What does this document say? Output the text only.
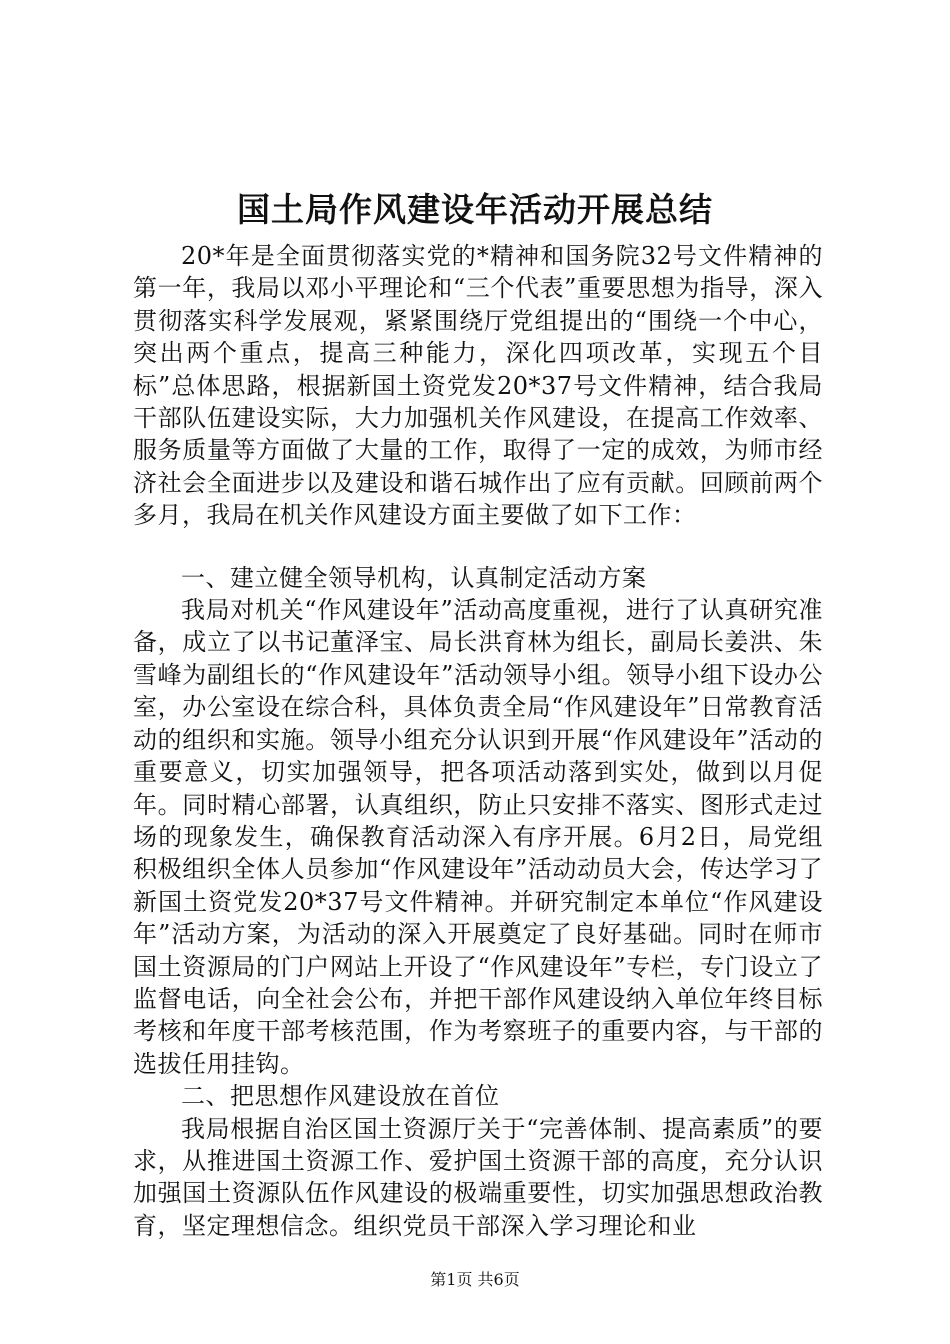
国土局作风建设年活动开展总结

20*年是全面贯彻落实党的*精神和国务院32号文件精神的第一年，我局以邓小平理论和“三个代表”重要思想为指导，深入贯彻落实科学发展观，紧紧围绕厅党组提出的“围绕一个中心，突出两个重点，提高三种能力，深化四项改革，实现五个目标”总体思路，根据新国土资党发20*37号文件精神，结合我局干部队伍建设实际，大力加强机关作风建设，在提高工作效率、服务质量等方面做了大量的工作，取得了一定的成效，为师市经济社会全面进步以及建设和谐石城作出了应有贡献。回顾前两个多月，我局在机关作风建设方面主要做了如下工作：

一、建立健全领导机构，认真制定活动方案

我局对机关“作风建设年”活动高度重视，进行了认真研究准备，成立了以书记董泽宝、局长洪育林为组长，副局长姜洪、朱雪峰为副组长的“作风建设年”活动领导小组。领导小组下设办公室，办公室设在综合科，具体负责全局“作风建设年”日常教育活动的组织和实施。领导小组充分认识到开展“作风建设年”活动的重要意义，切实加强领导，把各项活动落到实处，做到以月促年。同时精心部署，认真组织，防止只安排不落实、图形式走过场的现象发生，确保教育活动深入有序开展。6月2日，局党组积极组织全体人员参加“作风建设年”活动动员大会，传达学习了新国土资党发20*37号文件精神。并研究制定本单位“作风建设年”活动方案，为活动的深入开展奠定了良好基础。同时在师市国土资源局的门户网站上开设了“作风建设年”专栏，专门设立了监督电话，向全社会公布，并把干部作风建设纳入单位年终目标考核和年度干部考核范围，作为考察班子的重要内容，与干部的选拔任用挂钩。

二、把思想作风建设放在首位

我局根据自治区国土资源厅关于“完善体制、提高素质”的要求，从推进国土资源工作、爱护国土资源干部的高度，充分认识加强国土资源队伍作风建设的极端重要性，切实加强思想政治教育，坚定理想信念。组织党员干部深入学习理论和业

第1页 共6页
